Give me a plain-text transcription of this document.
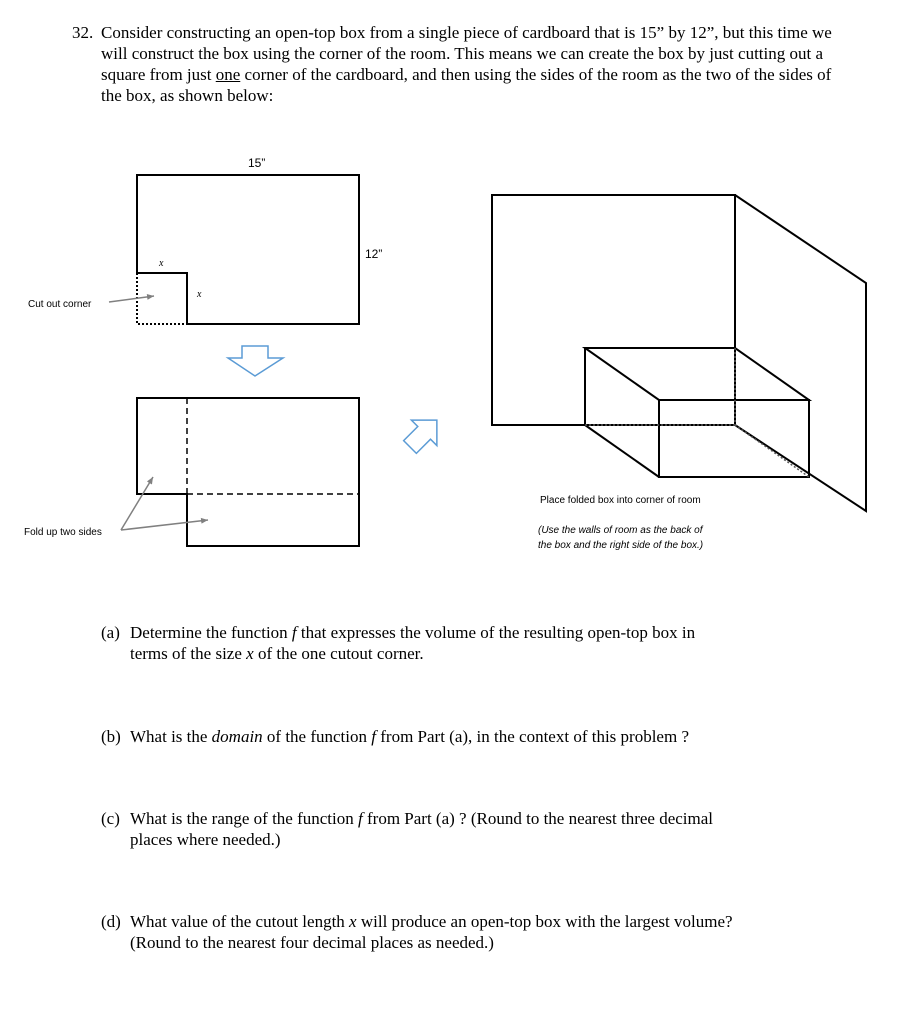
32. Consider constructing an open-top box from a single piece of cardboard that is 15” by 12”, but this time we will construct the box using the corner of the room. This means we can create the box by just cutting out a square from just one corner of the cardboard, and then using the sides of the room as the two of the sides of the box, as shown below:
15”
12”
x
x
Cut out corner
Fold up two sides
Place folded box into corner of room
(Use the walls of room as the back of
the box and the right side of the box.)
(a) Determine the function f that expresses the volume of the resulting open-top box in
terms of the size x of the one cutout corner.
(b) What is the domain of the function f from Part (a), in the context of this problem ?
(c) What is the range of the function f from Part (a) ? (Round to the nearest three decimal
places where needed.)
(d) What value of the cutout length x will produce an open-top box with the largest volume?
(Round to the nearest four decimal places as needed.)
